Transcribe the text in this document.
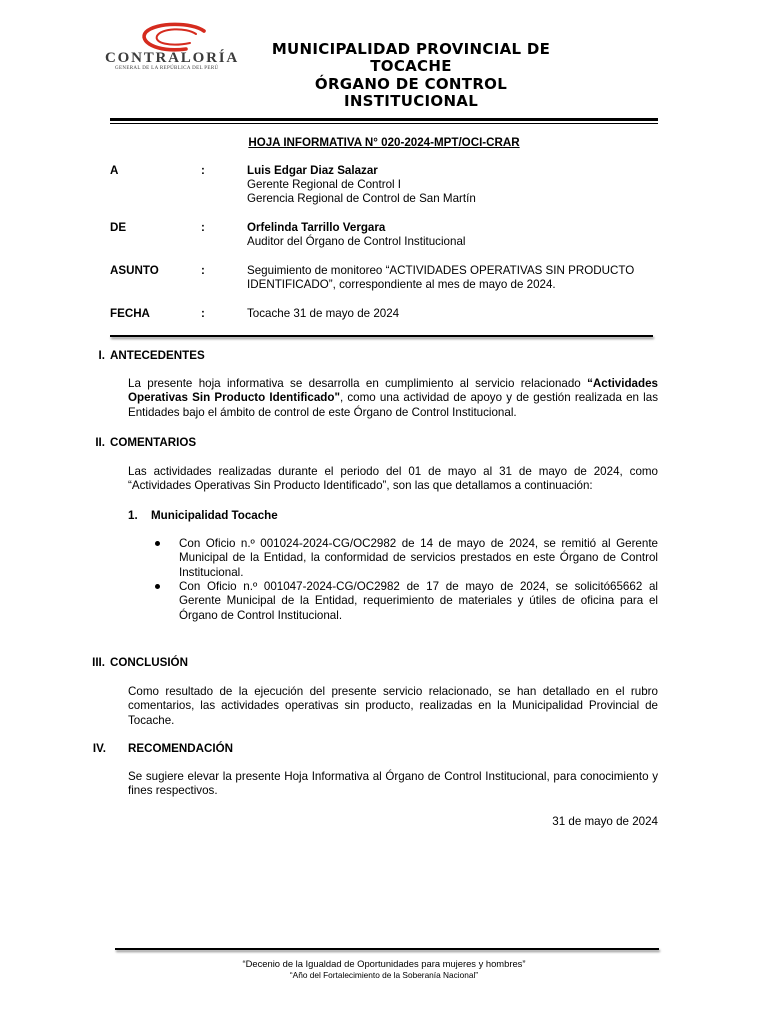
CONTRALORÍA
GENERAL DE LA REPÚBLICA DEL PERÚ
MUNICIPALIDAD PROVINCIAL DE
TOCACHE
ÓRGANO DE CONTROL
INSTITUCIONAL
HOJA INFORMATIVA N° 020-2024-MPT/OCI-CRAR
A	:	Luis Edgar Diaz Salazar
Gerente Regional de Control I
Gerencia Regional de Control de San Martín
DE	:	Orfelinda Tarrillo Vergara
Auditor del Órgano de Control Institucional
ASUNTO	:	Seguimiento de monitoreo “ACTIVIDADES OPERATIVAS SIN PRODUCTO IDENTIFICADO”, correspondiente al mes de mayo de 2024.
FECHA	:	Tocache 31 de mayo de 2024
I. ANTECEDENTES
La presente hoja informativa se desarrolla en cumplimiento al servicio relacionado “Actividades Operativas Sin Producto Identificado", como una actividad de apoyo y de gestión realizada en las Entidades bajo el ámbito de control de este Órgano de Control Institucional.
II. COMENTARIOS
Las actividades realizadas durante el periodo del 01 de mayo al 31 de mayo de 2024, como “Actividades Operativas Sin Producto Identificado”, son las que detallamos a continuación:
1. Municipalidad Tocache
Con Oficio n.º 001024-2024-CG/OC2982 de 14 de mayo de 2024, se remitió al Gerente Municipal de la Entidad, la conformidad de servicios prestados en este Órgano de Control Institucional.
Con Oficio n.º 001047-2024-CG/OC2982 de 17 de mayo de 2024, se solicitó65662 al Gerente Municipal de la Entidad, requerimiento de materiales y útiles de oficina para el Órgano de Control Institucional.
III. CONCLUSIÓN
Como resultado de la ejecución del presente servicio relacionado, se han detallado en el rubro comentarios, las actividades operativas sin producto, realizadas en la Municipalidad Provincial de Tocache.
IV. RECOMENDACIÓN
Se sugiere elevar la presente Hoja Informativa al Órgano de Control Institucional, para conocimiento y fines respectivos.
31 de mayo de 2024
“Decenio de la Igualdad de Oportunidades para mujeres y hombres”
“Año del Fortalecimiento de la Soberanía Nacional”
